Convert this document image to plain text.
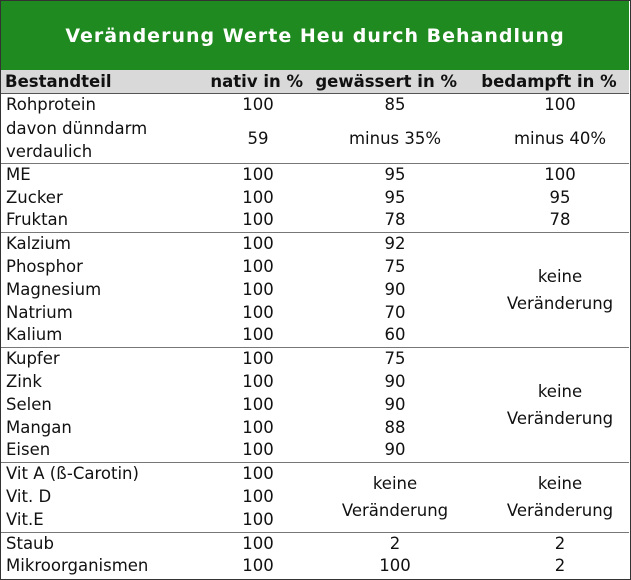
Veränderung Werte Heu durch Behandlung
Bestandteil	nativ in %	gewässert in %	bedampft in %
Rohprotein	100	85	100
davon dünndarm verdaulich	59	minus 35%	minus 40%
ME	100	95	100
Zucker	100	95	95
Fruktan	100	78	78
Kalzium	100	92	keine Veränderung
Phosphor	100	75	
Magnesium	100	90	
Natrium	100	70	
Kalium	100	60	
Kupfer	100	75	keine Veränderung
Zink	100	90	
Selen	100	90	
Mangan	100	88	
Eisen	100	90	
Vit A (ß-Carotin)	100	keine Veränderung	keine Veränderung
Vit. D	100		
Vit.E	100		
Staub	100	2	2
Mikroorganismen	100	100	2
